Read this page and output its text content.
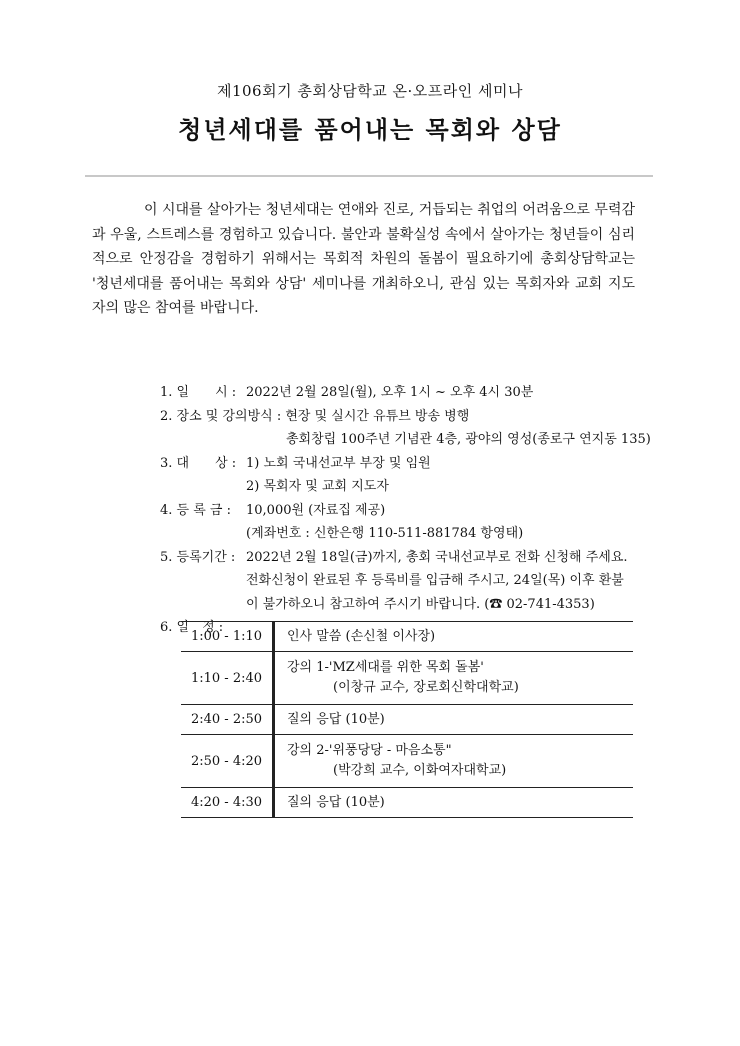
제106회기 총회상담학교 온·오프라인 세미나
청년세대를 품어내는 목회와 상담

이 시대를 살아가는 청년세대는 연애와 진로, 거듭되는 취업의 어려움으로 무력감과 우울, 스트레스를 경험하고 있습니다. 불안과 불확실성 속에서 살아가는 청년들이 심리적으로 안정감을 경험하기 위해서는 목회적 차원의 돌봄이 필요하기에 총회상담학교는 '청년세대를 품어내는 목회와 상담' 세미나를 개최하오니, 관심 있는 목회자와 교회 지도자의 많은 참여를 바랍니다.

1. 일　　시 : 2022년 2월 28일(월), 오후 1시 ~ 오후 4시 30분
2. 장소 및 강의방식 :
현장 및 실시간 유튜브 방송 병행
총회창립 100주년 기념관 4층, 광야의 영성(종로구 연지동 135)
3. 대　　상 : 1) 노회 국내선교부 부장 및 임원
2) 목회자 및 교회 지도자
4. 등 록 금 :	10,000원 (자료집 제공)
(계좌번호 : 신한은행 110-511-881784 항영태)
5. 등록기간 : 2022년 2월 18일(금)까지, 총회 국내선교부로 전화 신청해 주세요.
전화신청이 완료된 후 등록비를 입금해 주시고, 24일(목) 이후 환불
이 불가하오니 참고하여 주시기 바랍니다. (☎ 02-741-4353)
6. 일　정 :
1:00 - 1:10	인사 말씀 (손신철 이사장)

1:10 - 2:40	강의 1-'MZ세대를 위한 목회 돌봄'
(이창규 교수, 장로회신학대학교)

2:40 - 2:50	질의 응답 (10분)

2:50 - 4:20	강의 2-'위풍당당 - 마음소통"
(박강희 교수, 이화여자대학교)

4:20 - 4:30	질의 응답 (10분)
